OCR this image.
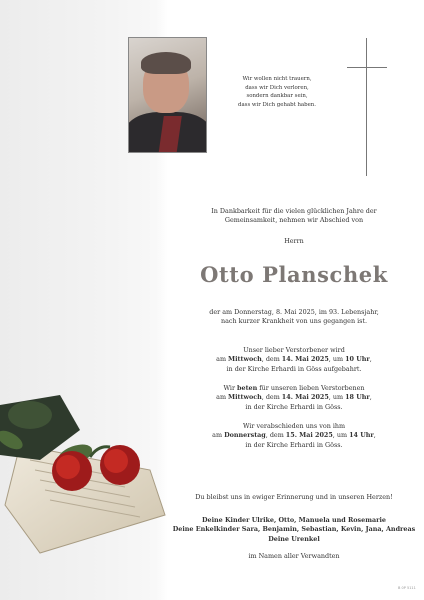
Wir wollen nicht trauern,
dass wir Dich verloren,
sondern dankbar sein,
dass wir Dich gehabt haben.
In Dankbarkeit für die vielen glücklichen Jahre der
Gemeinsamkeit, nehmen wir Abschied von
Herrn
Otto Planschek
der am Donnerstag, 8. Mai 2025, im 93. Lebensjahr,
nach kurzer Krankheit von uns gegangen ist.
Unser lieber Verstorbener wird
am Mittwoch, dem 14. Mai 2025, um 10 Uhr,
in der Kirche Erhardi in Göss aufgebahrt.
Wir beten für unseren lieben Verstorbenen
am Mittwoch, dem 14. Mai 2025, um 18 Uhr,
in der Kirche Erhardi in Göss.
Wir verabschieden uns von ihm
am Donnerstag, dem 15. Mai 2025, um 14 Uhr,
in der Kirche Erhardi in Göss.
Du bleibst uns in ewiger Erinnerung und in unseren Herzen!
Deine Kinder Ulrike, Otto, Manuela und Rosemarie
Deine Enkelkinder Sara, Benjamin, Sebastian, Kevin, Jana, Andreas
Deine Urenkel
im Namen aller Verwandten
B 0P 5111
